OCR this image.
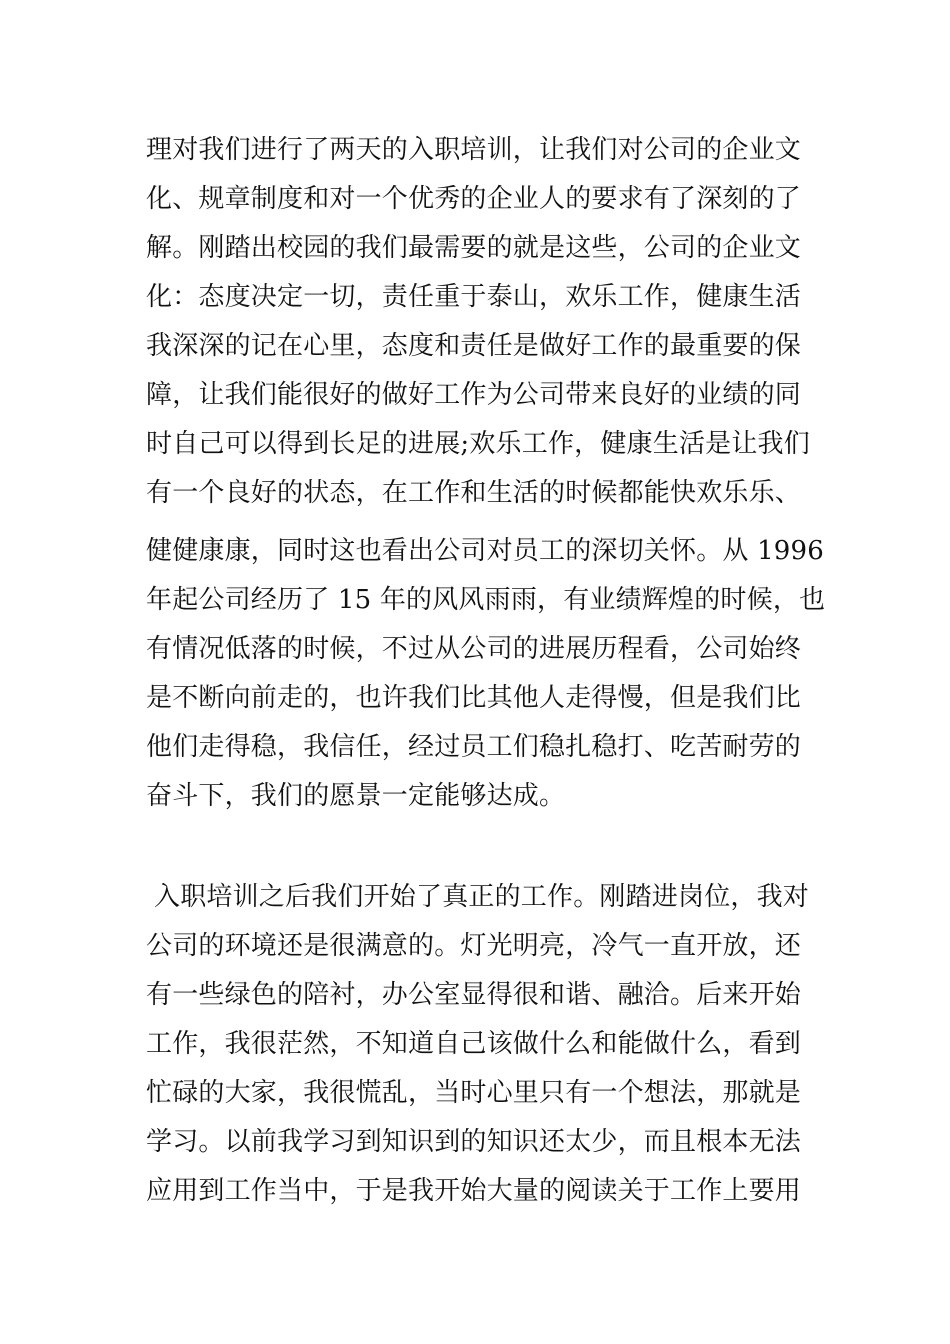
理对我们进行了两天的入职培训，让我们对公司的企业文
化、规章制度和对一个优秀的企业人的要求有了深刻的了
解。刚踏出校园的我们最需要的就是这些，公司的企业文
化：态度决定一切，责任重于泰山，欢乐工作，健康生活
我深深的记在心里，态度和责任是做好工作的最重要的保
障，让我们能很好的做好工作为公司带来良好的业绩的同
时自己可以得到长足的进展;欢乐工作，健康生活是让我们
有一个良好的状态，在工作和生活的时候都能快欢乐乐、
健健康康，同时这也看出公司对员工的深切关怀。从 1996
年起公司经历了 15 年的风风雨雨，有业绩辉煌的时候，也
有情况低落的时候，不过从公司的进展历程看，公司始终
是不断向前走的，也许我们比其他人走得慢，但是我们比
他们走得稳，我信任，经过员工们稳扎稳打、吃苦耐劳的
奋斗下，我们的愿景一定能够达成。
入职培训之后我们开始了真正的工作。刚踏进岗位，我对
公司的环境还是很满意的。灯光明亮，冷气一直开放，还
有一些绿色的陪衬，办公室显得很和谐、融洽。后来开始
工作，我很茫然，不知道自己该做什么和能做什么，看到
忙碌的大家，我很慌乱，当时心里只有一个想法，那就是
学习。以前我学习到知识到的知识还太少，而且根本无法
应用到工作当中，于是我开始大量的阅读关于工作上要用
